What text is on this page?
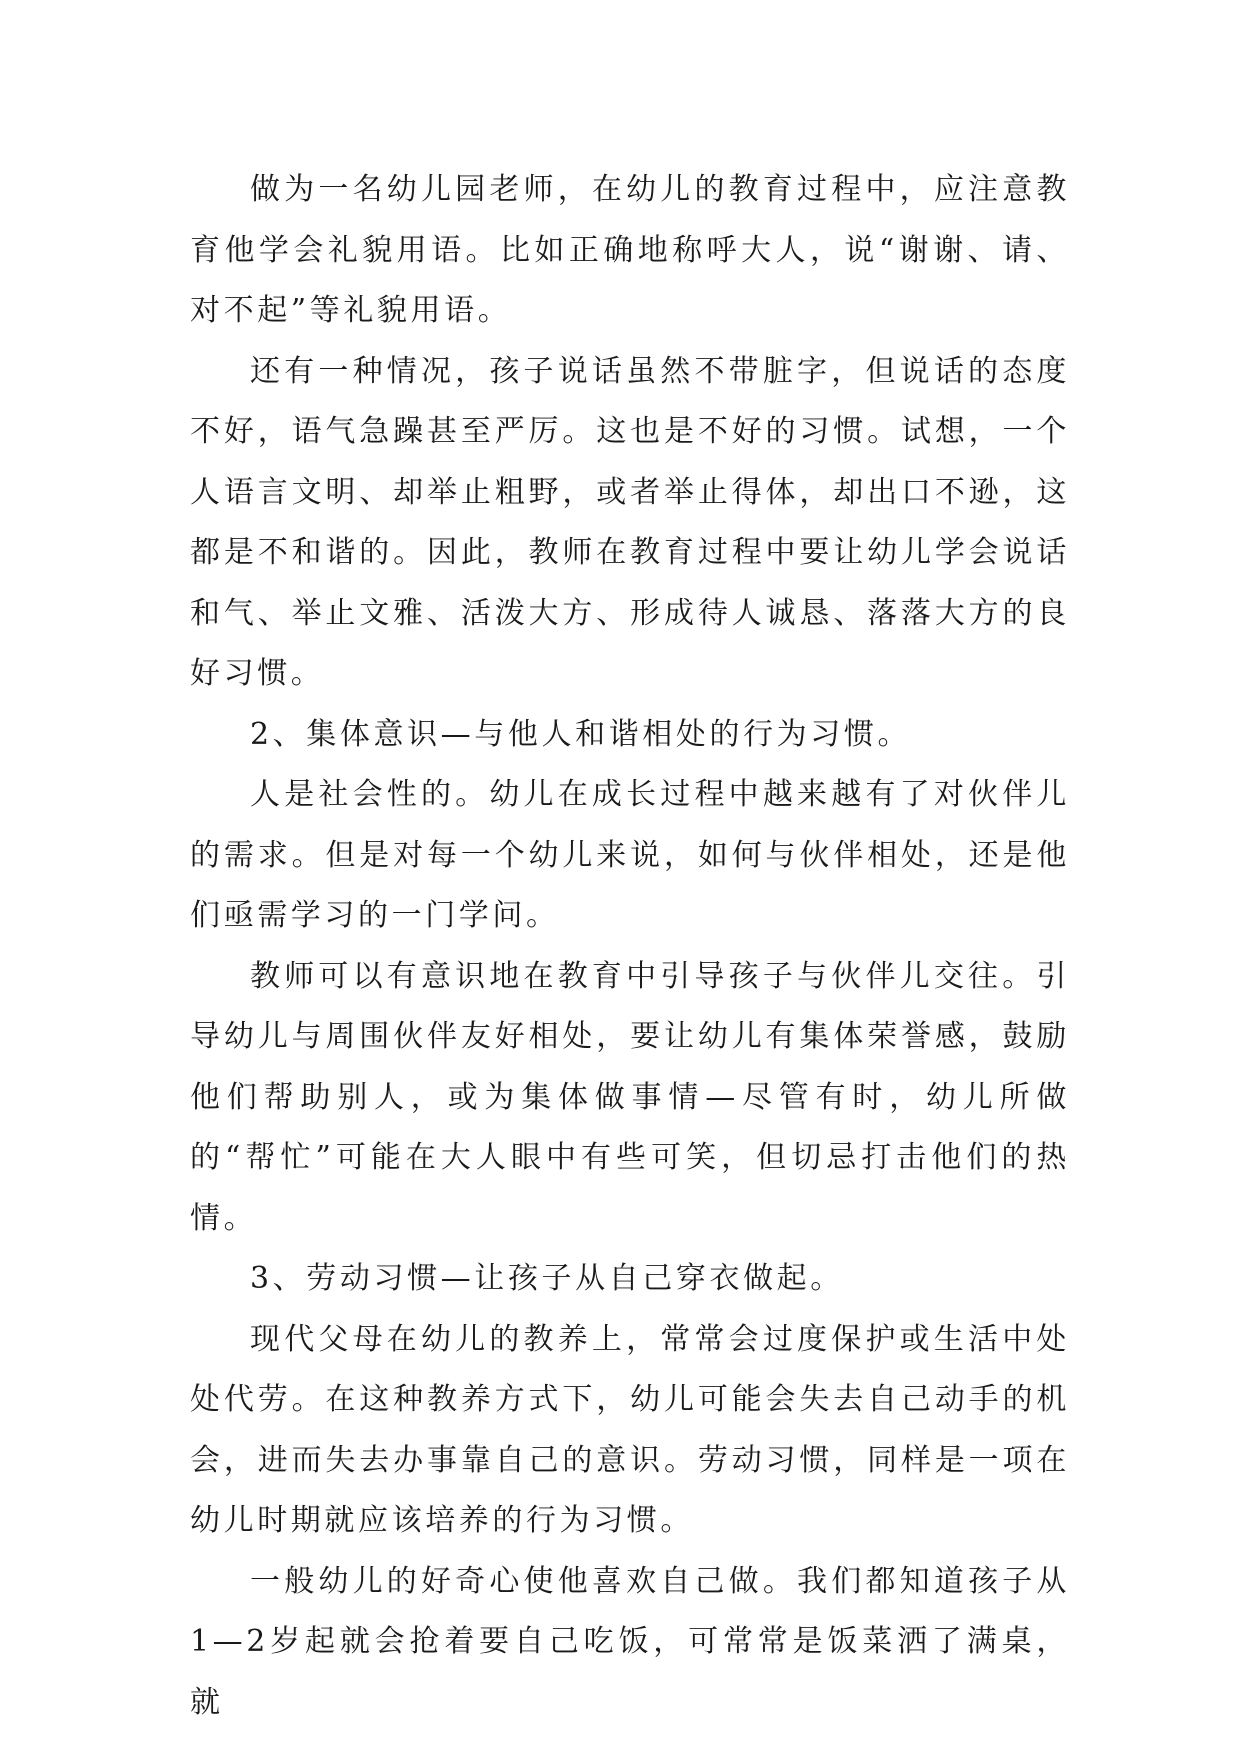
做为一名幼儿园老师，在幼儿的教育过程中，应注意教育他学会礼貌用语。比如正确地称呼大人，说“谢谢、请、对不起”等礼貌用语。

还有一种情况，孩子说话虽然不带脏字，但说话的态度不好，语气急躁甚至严厉。这也是不好的习惯。试想，一个人语言文明、却举止粗野，或者举止得体，却出口不逊，这都是不和谐的。因此，教师在教育过程中要让幼儿学会说话和气、举止文雅、活泼大方、形成待人诚恳、落落大方的良好习惯。

2、集体意识—与他人和谐相处的行为习惯。

人是社会性的。幼儿在成长过程中越来越有了对伙伴儿的需求。但是对每一个幼儿来说，如何与伙伴相处，还是他们亟需学习的一门学问。

教师可以有意识地在教育中引导孩子与伙伴儿交往。引导幼儿与周围伙伴友好相处，要让幼儿有集体荣誉感，鼓励他们帮助别人，或为集体做事情—尽管有时，幼儿所做的“帮忙”可能在大人眼中有些可笑，但切忌打击他们的热情。

3、劳动习惯—让孩子从自己穿衣做起。

现代父母在幼儿的教养上，常常会过度保护或生活中处处代劳。在这种教养方式下，幼儿可能会失去自己动手的机会，进而失去办事靠自己的意识。劳动习惯，同样是一项在幼儿时期就应该培养的行为习惯。

一般幼儿的好奇心使他喜欢自己做。我们都知道孩子从1—2岁起就会抢着要自己吃饭，可常常是饭菜洒了满桌，就
